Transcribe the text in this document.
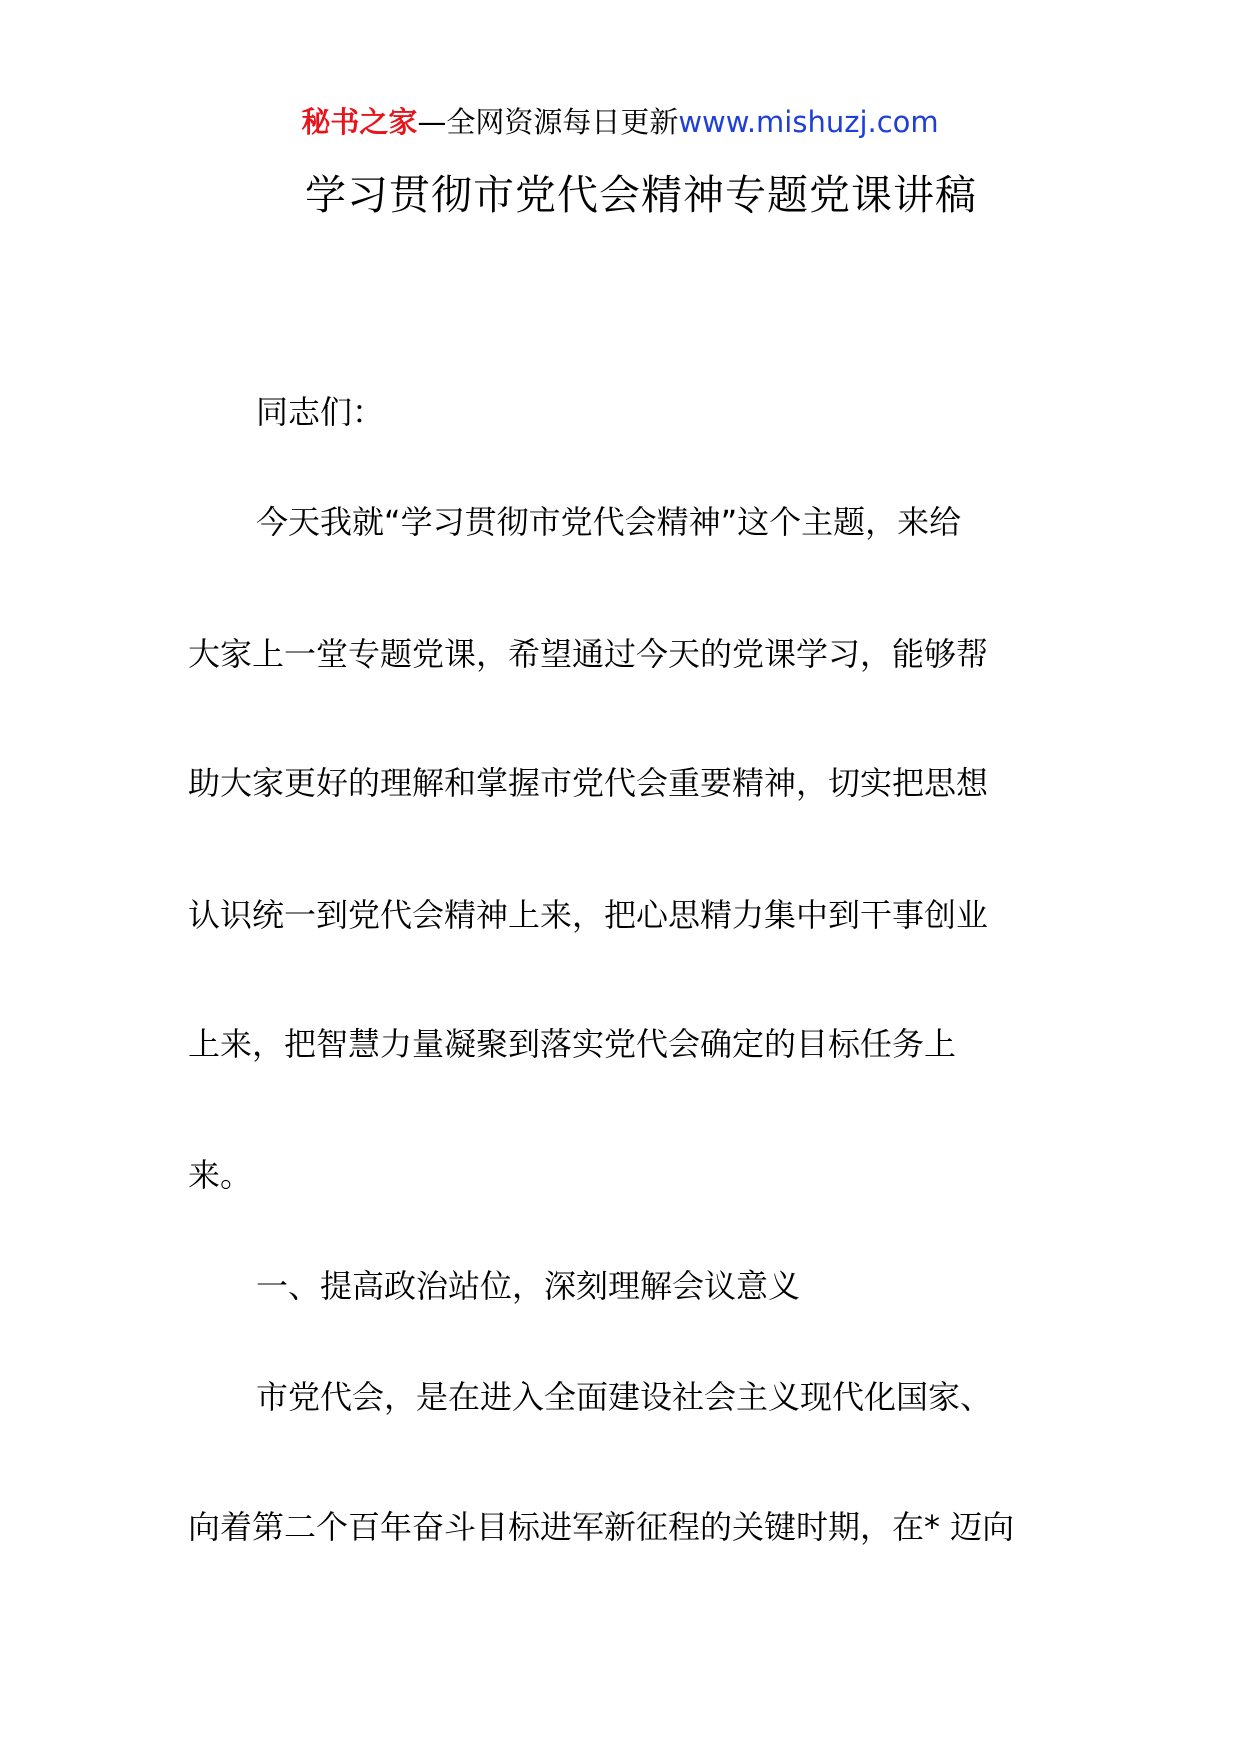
秘书之家—全网资源每日更新www.mishuzj.com
学习贯彻市党代会精神专题党课讲稿
同志们：
今天我就“学习贯彻市党代会精神”这个主题，来给
大家上一堂专题党课，希望通过今天的党课学习，能够帮
助大家更好的理解和掌握市党代会重要精神，切实把思想
认识统一到党代会精神上来，把心思精力集中到干事创业
上来，把智慧力量凝聚到落实党代会确定的目标任务上
来。
一、提高政治站位，深刻理解会议意义
市党代会，是在进入全面建设社会主义现代化国家、
向着第二个百年奋斗目标进军新征程的关键时期，在* 迈向
